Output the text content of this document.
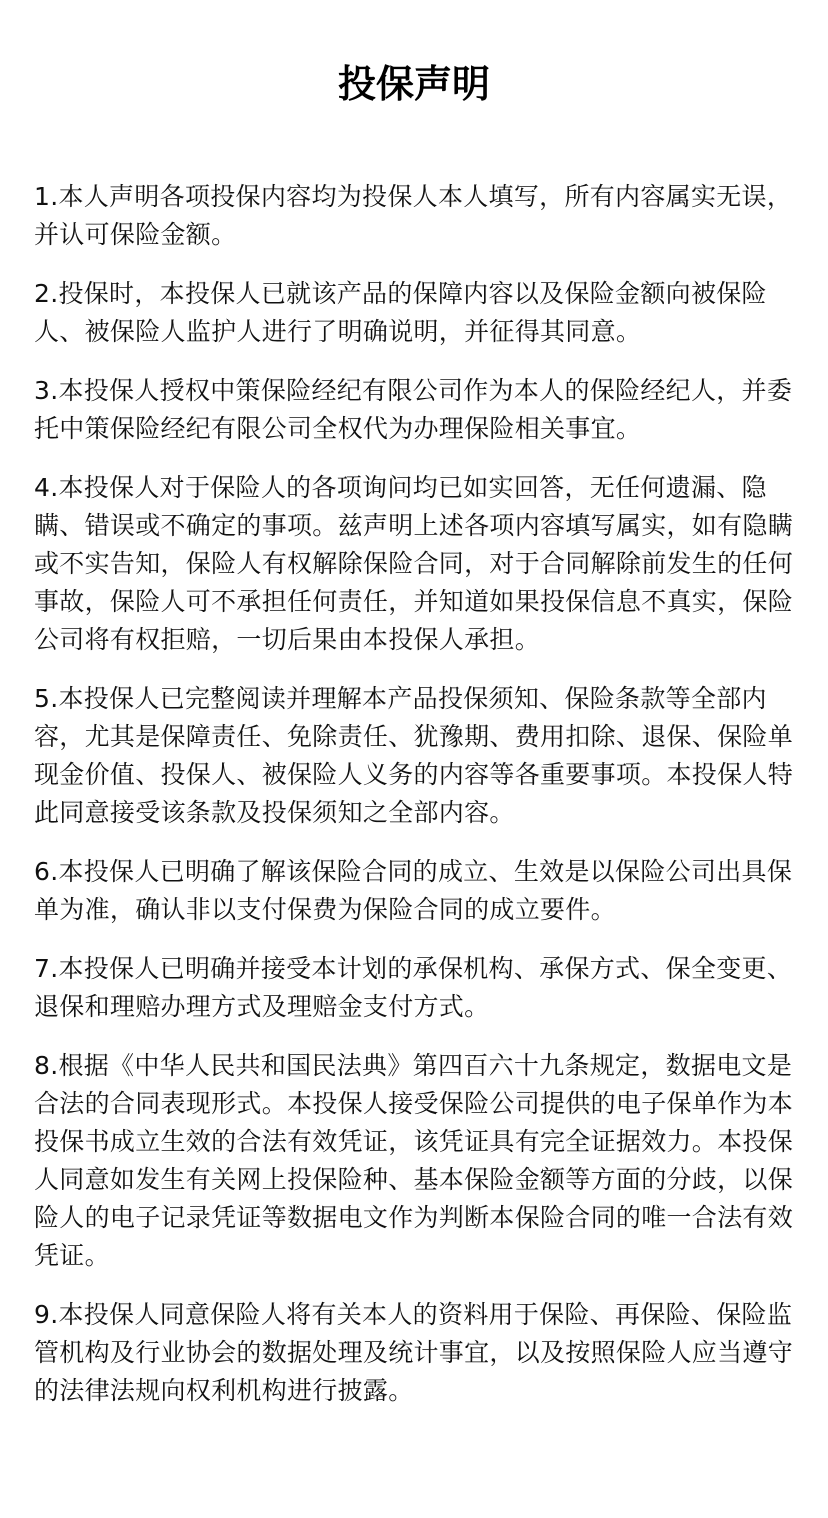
投保声明
1.本人声明各项投保内容均为投保人本人填写，所有内容属实无误，并认可保险金额。
2.投保时，本投保人已就该产品的保障内容以及保险金额向被保险人、被保险人监护人进行了明确说明，并征得其同意。
3.本投保人授权中策保险经纪有限公司作为本人的保险经纪人，并委托中策保险经纪有限公司全权代为办理保险相关事宜。
4.本投保人对于保险人的各项询问均已如实回答，无任何遗漏、隐瞒、错误或不确定的事项。兹声明上述各项内容填写属实，如有隐瞒或不实告知，保险人有权解除保险合同，对于合同解除前发生的任何事故，保险人可不承担任何责任，并知道如果投保信息不真实，保险公司将有权拒赔，一切后果由本投保人承担。
5.本投保人已完整阅读并理解本产品投保须知、保险条款等全部内容，尤其是保障责任、免除责任、犹豫期、费用扣除、退保、保险单现金价值、投保人、被保险人义务的内容等各重要事项。本投保人特此同意接受该条款及投保须知之全部内容。
6.本投保人已明确了解该保险合同的成立、生效是以保险公司出具保单为准，确认非以支付保费为保险合同的成立要件。
7.本投保人已明确并接受本计划的承保机构、承保方式、保全变更、退保和理赔办理方式及理赔金支付方式。
8.根据《中华人民共和国民法典》第四百六十九条规定，数据电文是合法的合同表现形式。本投保人接受保险公司提供的电子保单作为本投保书成立生效的合法有效凭证，该凭证具有完全证据效力。本投保人同意如发生有关网上投保险种、基本保险金额等方面的分歧，以保险人的电子记录凭证等数据电文作为判断本保险合同的唯一合法有效凭证。
9.本投保人同意保险人将有关本人的资料用于保险、再保险、保险监管机构及行业协会的数据处理及统计事宜，以及按照保险人应当遵守的法律法规向权利机构进行披露。
